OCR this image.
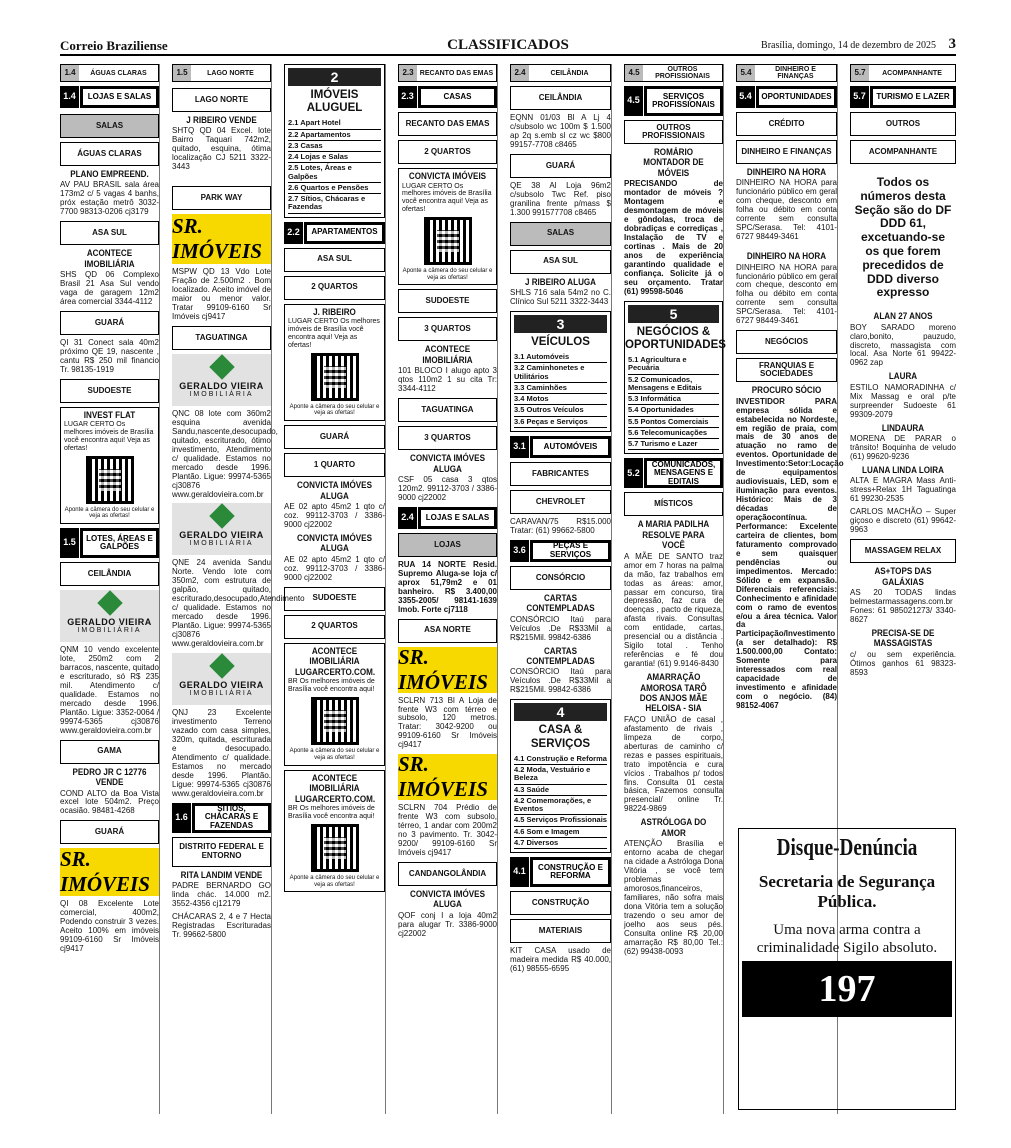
Correio Braziliense	CLASSIFICADOS	Brasília, domingo, 14 de dezembro de 2025 3
1.4	ÁGUAS CLARAS
1.4	LOJAS E SALAS
SALAS
ÁGUAS CLARAS
PLANO EMPREEND.

AV PAU BRASIL sala área 173m2 c/ 5 vagas 4 banhs, próx estação metrô 3032-7700 98313-0206 cj3179

ASA SUL
ACONTECE IMOBILIÁRIA

SHS QD 06 Complexo Brasil 21 Asa Sul vendo vaga de garagem 12m2 área comercial 3344-4112

GUARÁ

QI 31 Conect sala 40m2 próximo QE 19, nascente , cantu R$ 250 mil financio Tr. 98135-1919

SUDOESTE
INVEST FLAT

LUGAR CERTO Os melhores imóveis de Brasília você encontra aqui! Veja as ofertas!

Aponte a câmera do seu celular e veja as ofertas!
1.5	LOTES, ÁREAS E GALPÕES
CEILÂNDIA
GERALDO VIEIRA
IMOBILIÁRIA

QNM 10 vendo excelente lote, 250m2 com 2 barracos, nascente, quitado e escriturado, só R$ 235 mil. Atendimento c/ qualidade. Estamos no mercado desde 1996. Plantão. Ligue: 3352-0064 / 99974-5365 cj30876 www.geraldovieira.com.br

GAMA
PEDRO JR C 12776 VENDE

COND ALTO da Boa Vista excel lote 504m2. Preço ocasião. 98481-4268

GUARÁ
SR. IMÓVEIS

QI 08 Excelente Lote comercial, 400m2, Podendo construir 3 vezes. Aceito 100% em imóveis 99109-6160 Sr Imóveis cj9417

1.5	LAGO NORTE
LAGO NORTE
J RIBEIRO VENDE

SHTQ QD 04 Excel. lote Bairro Taquari 742m2, quitado, esquina, ótima localização CJ 5211 3322-3443

PARK WAY
SR. IMÓVEIS

MSPW QD 13 Vdo Lote Fração de 2.500m2 . Bom localizado. Aceito imóvel de maior ou menor valor. Tratar 99109-6160 Sr Imóveis cj9417

TAGUATINGA
GERALDO VIEIRA
IMOBILIÁRIA

QNC 08 lote com 360m2 esquina avenida Sandu,nascente,desocupado, quitado, escriturado, ótimo investimento, Atendimento c/ qualidade. Estamos no mercado desde 1996. Plantão. Ligue: 99974-5365 cj30876 www.geraldovieira.com.br

GERALDO VIEIRA
IMOBILIÁRIA

QNE 24 avenida Sandu Norte. Vendo lote com 350m2, com estrutura de galpão, quitado, escriturado,desocupado,Atendimento c/ qualidade. Estamos no mercado desde 1996. Plantão. Ligue: 99974-5365 cj30876 www.geraldovieira.com.br

GERALDO VIEIRA
IMOBILIÁRIA

QNJ 23 Excelente investimento Terreno vazado com casa simples, 320m, quitada, escriturada e desocupado. Atendimento c/ qualidade. Estamos no mercado desde 1996. Plantão. Ligue: 99974-5365 cj30876 www.geraldovieira.com.br

1.6
SÍTIOS, CHÁCARAS E FAZENDAS
DISTRITO FEDERAL E ENTORNO
RITA LANDIM VENDE

PADRE BERNARDO GO linda chác. 14.000 m2. 3552-4356 cj12179

CHÁCARAS 2, 4 e 7 Hecta Registradas Escrituradas Tr. 99662-5800

2
IMÓVEIS ALUGUEL
2.1 Apart Hotel
2.2 Apartamentos
2.3 Casas
2.4 Lojas e Salas
2.5 Lotes, Áreas e Galpões
2.6 Quartos e Pensões
2.7 Sítios, Chácaras e Fazendas
2.2	APARTAMENTOS
ASA SUL
2 QUARTOS
J. RIBEIRO

LUGAR CERTO Os melhores imóveis de Brasília você encontra aqui! Veja as ofertas!

Aponte a câmera do seu celular e veja as ofertas!
GUARÁ
1 QUARTO
CONVICTA IMÓVES ALUGA

AE 02 apto 45m2 1 qto c/ coz. 99112-3703 / 3386-9000 cj22002

CONVICTA IMÓVES ALUGA

AE 02 apto 45m2 1 qto c/ coz. 99112-3703 / 3386-9000 cj22002

SUDOESTE
2 QUARTOS
ACONTECE IMOBILIÁRIA
LUGARCERTO.COM.

BR Os melhores imóveis de Brasília você encontra aqui!

Aponte a câmera do seu celular e veja as ofertas!
ACONTECE IMOBILIÁRIA
LUGARCERTO.COM.

BR Os melhores imóveis de Brasília você encontra aqui!

Aponte a câmera do seu celular e veja as ofertas!
2.3 RECANTO DAS EMAS
2.3	CASAS
RECANTO DAS EMAS
2 QUARTOS
CONVICTA IMÓVEIS

LUGAR CERTO Os melhores imóveis de Brasília você encontra aqui! Veja as ofertas!

Aponte a câmera do seu celular e veja as ofertas!
SUDOESTE
3 QUARTOS
ACONTECE IMOBILIÁRIA

101 BLOCO I alugo apto 3 qtos 110m2 1 su cita Tr: 3344-4112

TAGUATINGA
3 QUARTOS
CONVICTA IMÓVES ALUGA

CSF 05 casa 3 qtos 120m2. 99112-3703 / 3386-9000 cj22002

2.4	LOJAS E SALAS
LOJAS

RUA 14 NORTE Resid. Supremo Aluga-se loja c/ aprox 51,79m2 e 01 banheiro. R$ 3.400,00 3355-2005/ 98141-1639 Imob. Forte cj7118

ASA NORTE
SR. IMÓVEIS

SCLRN 713 Bl A Loja de frente W3 com térreo e subsolo, 120 metros. Tratar: 3042-9200 ou 99109-6160 Sr Imóveis cj9417

SR. IMÓVEIS

SCLRN 704 Prédio de frente W3 com subsolo, térreo, 1 andar com 200m2 no 3 pavimento. Tr. 3042-9200/ 99109-6160 Sr Imóveis cj9417

CANDANGOLÂNDIA
CONVICTA IMÓVES ALUGA

QOF conj I a loja 40m2 para alugar Tr. 3386-9000 cj22002

2.4	CEILÂNDIA
CEILÂNDIA

EQNN 01/03 Bl A Lj 4 c/subsolo wc 100m $ 1.500 ap 2q s.emb sl cz wc $800 99157-7708 c8465

GUARÁ

QE 38 Al Loja 96m2 c/subsolo Twc Ref. piso granilina frente p/mass $ 1.300 991577708 c8465

SALAS
ASA SUL
J RIBEIRO ALUGA

SHLS 716 sala 54m2 no C. Clínico Sul 5211 3322-3443

3
VEÍCULOS
3.1 Automóveis
3.2 Caminhonetes e Utilitários
3.3 Caminhões
3.4 Motos
3.5 Outros Veículos
3.6 Peças e Serviços
3.1	AUTOMÓVEIS
FABRICANTES
CHEVROLET

CARAVAN/75 R$15.000 Tratar: (61) 99662-5800

3.6	PEÇAS E SERVIÇOS
CONSÓRCIO
CARTAS CONTEMPLADAS

CONSÓRCIO Itaú para Veículos .De R$33Mil a R$215Mil. 99842-6386

CARTAS CONTEMPLADAS

CONSÓRCIO Itaú para Veículos .De R$33Mil a R$215Mil. 99842-6386

4
CASA & SERVIÇOS
4.1 Construção e Reforma
4.2 Moda, Vestuário e Beleza
4.3 Saúde
4.2 Comemorações, e Eventos
4.5 Serviços Profissionais
4.6 Som e Imagem
4.7 Diversos
4.1	CONSTRUÇÃO E REFORMA
CONSTRUÇÃO
MATERIAIS

KIT CASA usado de madeira medida R$ 40.000, (61) 98555-6595

4.5	OUTROS PROFISSIONAIS
4.5	SERVIÇOS PROFISSIONAIS
OUTROS PROFISSIONAIS
ROMÁRIO MONTADOR DE MÓVEIS

PRECISANDO de montador de móveis ? Montagem e desmontagem de móveis e gôndolas, troca de dobradiças e corrediças , Instalação de TV e cortinas . Mais de 20 anos de experiência garantindo qualidade e confiança. Solicite já o seu orçamento. Tratar (61) 99598-5046

5
NEGÓCIOS & OPORTUNIDADES
5.1 Agricultura e Pecuária
5.2 Comunicados, Mensagens e Editais
5.3 Informática
5.4 Oportunidades
5.5 Pontos Comerciais
5.6 Telecomunicações
5.7 Turismo e Lazer
5.2
COMUNICADOS, MENSAGENS E EDITAIS
MÍSTICOS
A MARIA PADILHA RESOLVE PARA VOCÊ

A MÃE DE SANTO traz amor em 7 horas na palma da mão, faz trabalhos em todas as áreas: amor, passar em concurso, tira depressão, faz cura de doenças , pacto de riqueza, afasta rivais. Consultas com entidade, cartas, presencial ou a distância . Sigilo total . Tenho referências e fé dou garantia! (61) 9.9146-8430

AMARRAÇÃO AMOROSA TARÔ DOS ANJOS MÃE HELOISA - SIA

FAÇO UNIÃO de casal , afastamento de rivais , limpeza de corpo, aberturas de caminho c/ rezas e passes espirituais, trato impotência e cura vícios . Trabalhos p/ todos fins. Consulta 01 cesta básica, Fazemos consulta presencial/ online Tr. 98224-9869

ASTRÓLOGA DO AMOR

ATENÇÃO Brasília e entorno acaba de chegar na cidade a Astróloga Dona Vitória , se você tem problemas amorosos,financeiros, familiares, não sofra mais dona Vitória tem a solução trazendo o seu amor de joelho aos seus pés. Consulta online R$ 20,00 amarração R$ 80,00 Tel.: (62) 99438-0093

5.4	DINHEIRO E FINANÇAS
5.4	OPORTUNIDADES
CRÉDITO
DINHEIRO E FINANÇAS
DINHEIRO NA HORA

DINHEIRO NA HORA para funcionário público em geral com cheque, desconto em folha ou débito em conta corrente sem consulta SPC/Serasa. Tel: 4101-6727 98449-3461

DINHEIRO NA HORA

DINHEIRO NA HORA para funcionário público em geral com cheque, desconto em folha ou débito em conta corrente sem consulta SPC/Serasa. Tel: 4101-6727 98449-3461

NEGÓCIOS
FRANQUIAS E SOCIEDADES
PROCURO SÓCIO

INVESTIDOR PARA empresa sólida e estabelecida no Nordeste, em região de praia, com mais de 30 anos de atuação no ramo de eventos. Oportunidade de Investimento:Setor:Locação de equipamentos audiovisuais, LED, som e iluminação para eventos. Histórico: Mais de 3 décadas de operaçãocontínua. Performance: Excelente carteira de clientes, bom faturamento comprovado e sem quaisquer pendências ou impedimentos. Mercado: Sólido e em expansão. Diferenciais referenciais: Conhecimento e afinidade com o ramo de eventos e/ou a área técnica. Valor da Participação/Investimento (a ser detalhado): R$ 1.500.000,00 Contato: Somente para interessados com real capacidade de investimento e afinidade com o negócio. (84) 98152-4067

5.7	ACOMPANHANTE
5.7	TURISMO E LAZER
OUTROS
ACOMPANHANTE
Todos os números desta Seção são do DF DDD 61, excetuando-se os que forem precedidos de DDD diverso expresso
ALAN 27 ANOS

BOY SARADO moreno claro,bonito, pauzudo, discreto, massagista com local. Asa Norte 61 99422-0962 zap

LAURA

ESTILO NAMORADINHA c/ Mix Massag e oral p/te surpreender Sudoeste 61 99309-2079

LINDAURA

MORENA DE PARAR o trânsito! Boquinha de veludo (61) 99620-9236

LUANA LINDA LOIRA

ALTA E MAGRA Mass Anti-stress+Relax 1H Taguatinga 61 99230-2535

CARLOS MACHÃO – Super giçoso e discreto (61) 99642-9963

MASSAGEM RELAX
AS+TOPS DAS GALÁXIAS

AS 20 TODAS lindas belmestarmassagens.com.br Fones: 61 985021273/ 3340-8627

PRECISA-SE DE MASSAGISTAS

c/ ou sem experiência. Ótimos ganhos 61 98323-8593

Disque-Denúncia
Secretaria de Segurança Pública.
Uma nova arma contra a criminalidade Sigilo absoluto.
197
